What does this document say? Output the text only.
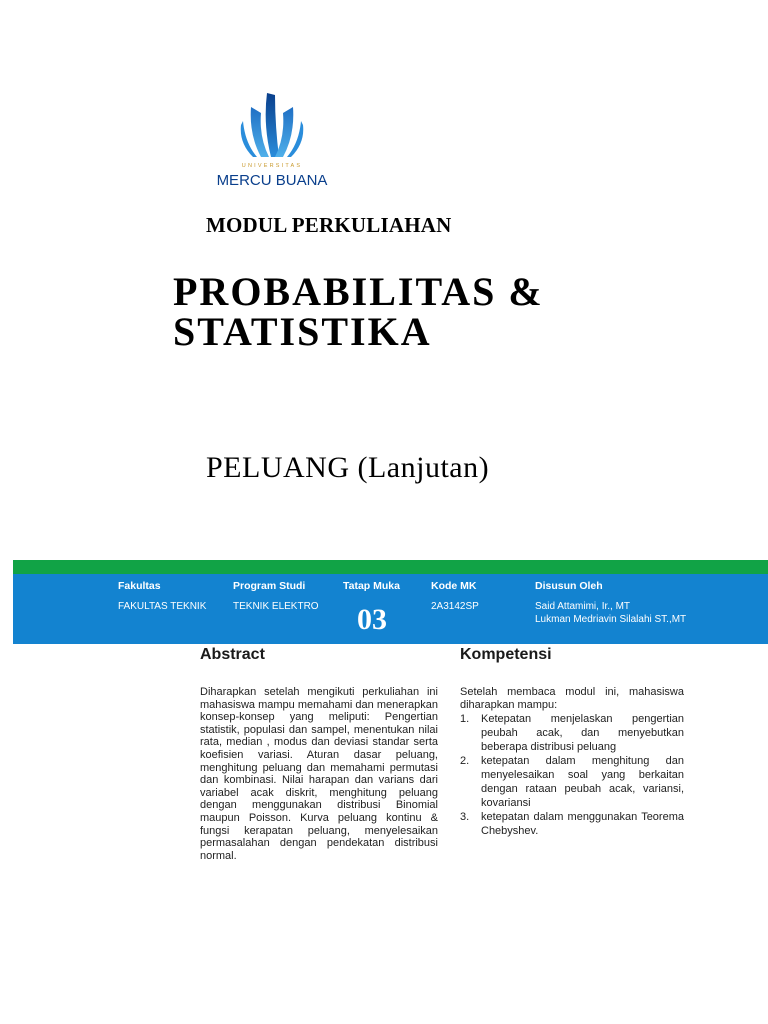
UNIVERSITAS
MERCU BUANA
MODUL PERKULIAHAN
PROBABILITAS &
STATISTIKA
PELUANG (Lanjutan)
Fakultas
FAKULTAS TEKNIK
Program Studi
TEKNIK ELEKTRO
Tatap Muka
03
Kode MK
2A3142SP
Disusun Oleh
Said Attamimi, Ir., MT
Lukman Medriavin Silalahi ST.,MT
Abstract
Diharapkan setelah mengikuti perkuliahan ini mahasiswa mampu memahami dan menerapkan konsep-konsep yang meliputi: Pengertian statistik, populasi dan sampel, menentukan nilai rata, median , modus dan deviasi standar serta koefisien variasi. Aturan dasar peluang, menghitung peluang dan memahami permutasi dan kombinasi. Nilai harapan dan varians dari variabel acak diskrit, menghitung peluang dengan menggunakan distribusi Binomial maupun Poisson. Kurva peluang kontinu & fungsi kerapatan peluang, menyelesaikan permasalahan dengan pendekatan distribusi normal.
Kompetensi
Setelah membaca modul ini, mahasiswa diharapkan mampu:
1. Ketepatan menjelaskan pengertian peubah acak, dan menyebutkan beberapa distribusi peluang
2. ketepatan dalam menghitung dan menyelesaikan soal yang berkaitan dengan rataan peubah acak, variansi, kovariansi
3. ketepatan dalam menggunakan Teorema Chebyshev.
